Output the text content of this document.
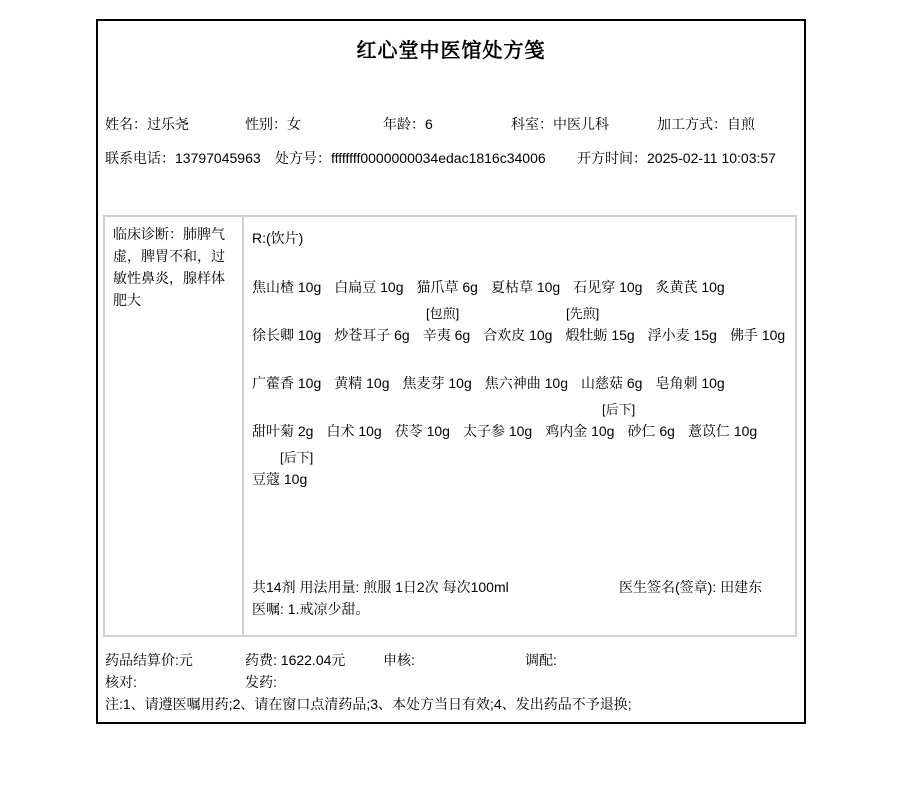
红心堂中医馆处方笺
姓名：过乐尧	性别：女	年龄：6	科室：中医儿科	加工方式：自煎
联系电话：13797045963 处方号：ffffffff0000000034edac1816c34006 开方时间：2025-02-11 10:03:57
临床诊断：肺脾气虚，脾胃不和，过敏性鼻炎，腺样体肥大
R:(饮片)
焦山楂 10g 白扁豆 10g 猫爪草 6g 夏枯草 10g 石见穿 10g 炙黄芪 10g
[包煎]	[先煎]
徐长卿 10g 炒苍耳子 6g 辛夷 6g 合欢皮 10g 煅牡蛎 15g 浮小麦 15g 佛手 10g
广藿香 10g 黄精 10g 焦麦芽 10g 焦六神曲 10g 山慈菇 6g 皂角刺 10g
[后下]
甜叶菊 2g 白术 10g 茯苓 10g 太子参 10g 鸡内金 10g 砂仁 6g 薏苡仁 10g
[后下]
豆蔻 10g
共14剂 用法用量: 煎服 1日2次 每次100ml
医嘱: 1.戒凉少甜。
医生签名(签章): 田建东
药品结算价:元	药费: 1622.04元	申核:	调配:
核对:	发药:
注:1、请遵医嘱用药;2、请在窗口点清药品;3、本处方当日有效;4、发出药品不予退换;
